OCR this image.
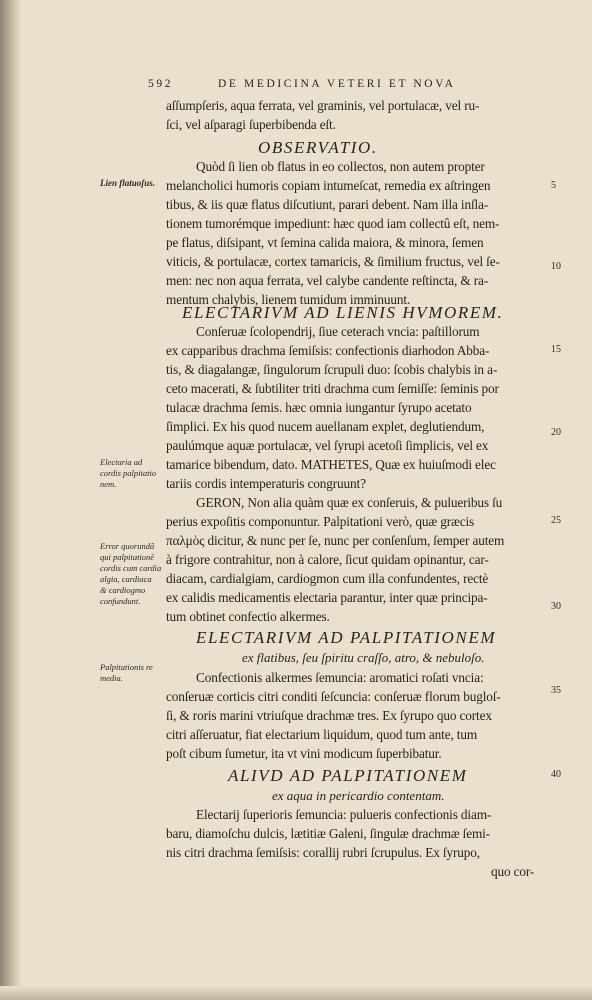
592	DE MEDICINA VETERI ET NOVA
aſſumpſeris, aqua ferrata, vel graminis, vel portulacæ, vel ru-
ſci, vel aſparagi ſuperbibenda eſt.
OBSERVATIO.
Quòd ſi lien ob flatus in eo collectos, non autem propter
melancholici humoris copiam intumeſcat, remedia ex aſtringen
tibus, & iis quæ flatus diſcutiunt, parari debent. Nam illa inſla-
tionem tumorémque impediunt: hæc quod iam collectû eſt, nem-
pe flatus, diſsipant, vt ſemina calida maiora, & minora, ſemen
viticis, & portulacæ, cortex tamaricis, & ſimilium fructus, vel ſe-
men: nec non aqua ferrata, vel calybe candente reſtincta, & ra-
mentum chalybis, lienem tumidum imminuunt.
ELECTARIVM AD LIENIS HVMOREM.
Conſeruæ ſcolopendrij, ſiue ceterach vncia: paſtillorum
ex capparibus drachma ſemiſsis: confectionis diarhodon Abba-
tis, & diagalangæ, ſingulorum ſcrupuli duo: ſcobis chalybis in a-
ceto macerati, & ſubtiliter triti drachma cum ſemiſſe: ſeminis por
tulacæ drachma ſemis. hæc omnia iungantur ſyrupo acetato
ſimplici. Ex his quod nucem auellanam explet, deglutiendum,
paulúmque aquæ portulacæ, vel ſyrupi acetoſi ſimplicis, vel ex
tamarice bibendum, dato. MATHETES, Quæ ex huiuſmodi elec
tariis cordis intemperaturis congruunt?
GERON, Non alia quàm quæ ex conſeruis, & pulueribus ſu
perius expoſitis componuntur. Palpitationi verò, quæ græcis
παλμὸς dicitur, & nunc per ſe, nunc per conſenſum, ſemper autem
à frigore contrahitur, non à calore, ſicut quidam opinantur, car-
diacam, cardialgiam, cardiogmon cum illa confundentes, rectè
ex calidis medicamentis electaria parantur, inter quæ principa-
tum obtinet confectio alkermes.
ELECTARIVM AD PALPITATIONEM
ex flatibus, ſeu ſpiritu craſſo, atro, & nebuloſo.
Confectionis alkermes ſemuncia: aromatici roſati vncia:
conſeruæ corticis citri conditi ſeſcuncia: conſeruæ florum bugloſ-
ſi, & roris marini vtriuſque drachmæ tres. Ex ſyrupo quo cortex
citri aſſeruatur, fiat electarium liquidum, quod tum ante, tum
poſt cibum ſumetur, ita vt vini modicum ſuperbibatur.
ALIVD AD PALPITATIONEM
ex aqua in pericardio contentam.
Electarij ſuperioris ſemuncia: pulueris confectionis diam-
baru, diamoſchu dulcis, lætitiæ Galeni, ſingulæ drachmæ ſemi-
nis citri drachma ſemiſsis: corallij rubri ſcrupulus. Ex ſyrupo,
quo cor-
Lien flatuoſus.
Electaria ad
cordis palpitatio
nem.
Error quorundã
qui palpitationẽ
cordis cum cardia
algia, cardiaca
& cardiogmo
confundunt.
Palpitationis re
media.
5
10
15
20
25
30
35
40
